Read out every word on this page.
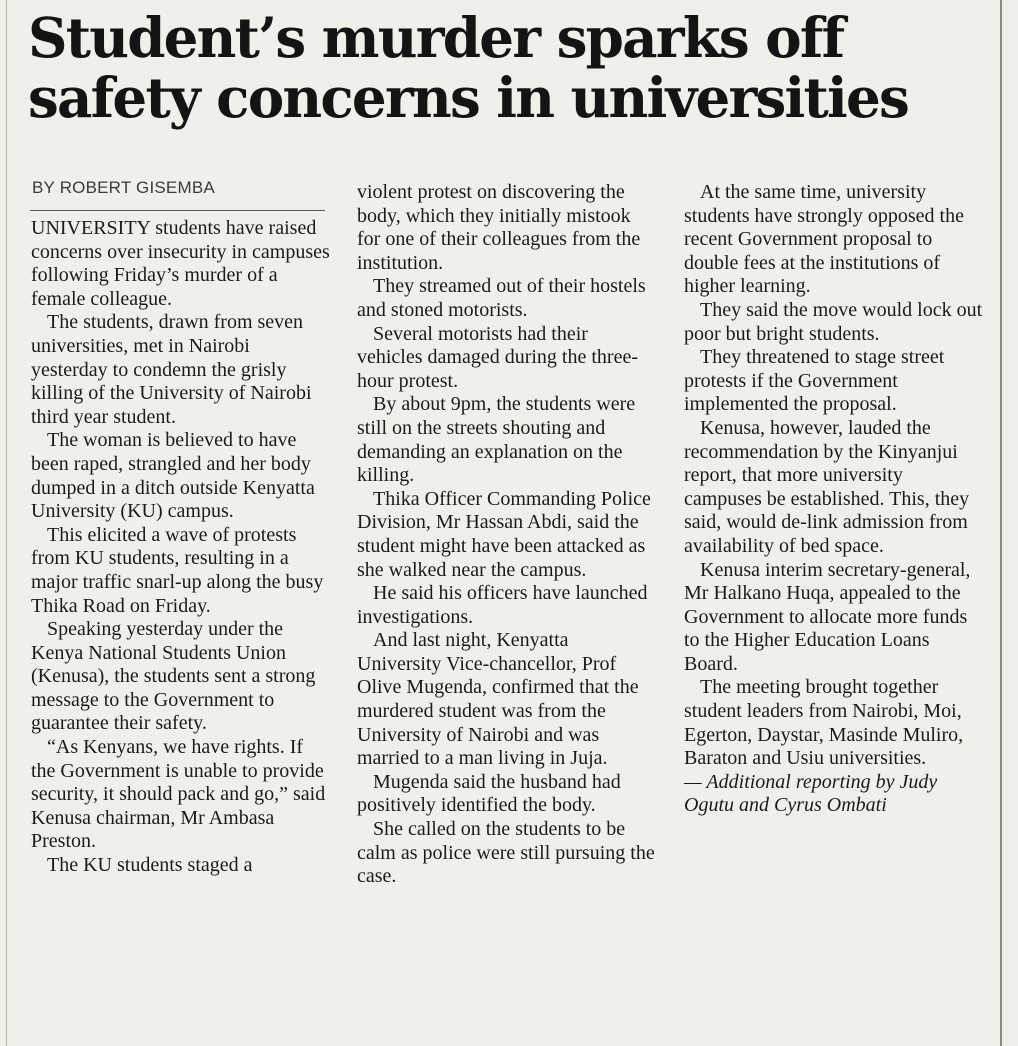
Student’s murder sparks off
safety concerns in universities
BY ROBERT GISEMBA

UNIVERSITY students have raised concerns over insecurity in campuses following Friday’s murder of a female colleague.

The students, drawn from seven universities, met in Nairobi yesterday to condemn the grisly killing of the University of Nairobi third year student.

The woman is believed to have been raped, strangled and her body dumped in a ditch outside Kenyatta University (KU) campus.

This elicited a wave of protests from KU students, resulting in a major traffic snarl-up along the busy Thika Road on Friday.

Speaking yesterday under the Kenya National Students Union (Kenusa), the students sent a strong message to the Government to guarantee their safety.

“As Kenyans, we have rights. If the Government is unable to provide security, it should pack and go,” said Kenusa chairman, Mr Ambasa Preston.

The KU students staged a

violent protest on discovering the body, which they initially mistook for one of their colleagues from the institution.

They streamed out of their hostels and stoned motorists.

Several motorists had their vehicles damaged during the three-hour protest.

By about 9pm, the students were still on the streets shouting and demanding an explanation on the killing.

Thika Officer Commanding Police Division, Mr Hassan Abdi, said the student might have been attacked as she walked near the campus.

He said his officers have launched investigations.

And last night, Kenyatta University Vice-chancellor, Prof Olive Mugenda, confirmed that the murdered student was from the University of Nairobi and was married to a man living in Juja.

Mugenda said the husband had positively identified the body.

She called on the students to be calm as police were still pursuing the case.

At the same time, university students have strongly opposed the recent Government proposal to double fees at the institutions of higher learning.

They said the move would lock out poor but bright students.

They threatened to stage street protests if the Government implemented the proposal.

Kenusa, however, lauded the recommendation by the Kinyanjui report, that more university campuses be established. This, they said, would de-link admission from availability of bed space.

Kenusa interim secretary-general, Mr Halkano Huqa, appealed to the Government to allocate more funds to the Higher Education Loans Board.

The meeting brought together student leaders from Nairobi, Moi, Egerton, Daystar, Masinde Muliro, Baraton and Usiu universities.

— Additional reporting by Judy Ogutu and Cyrus Ombati
